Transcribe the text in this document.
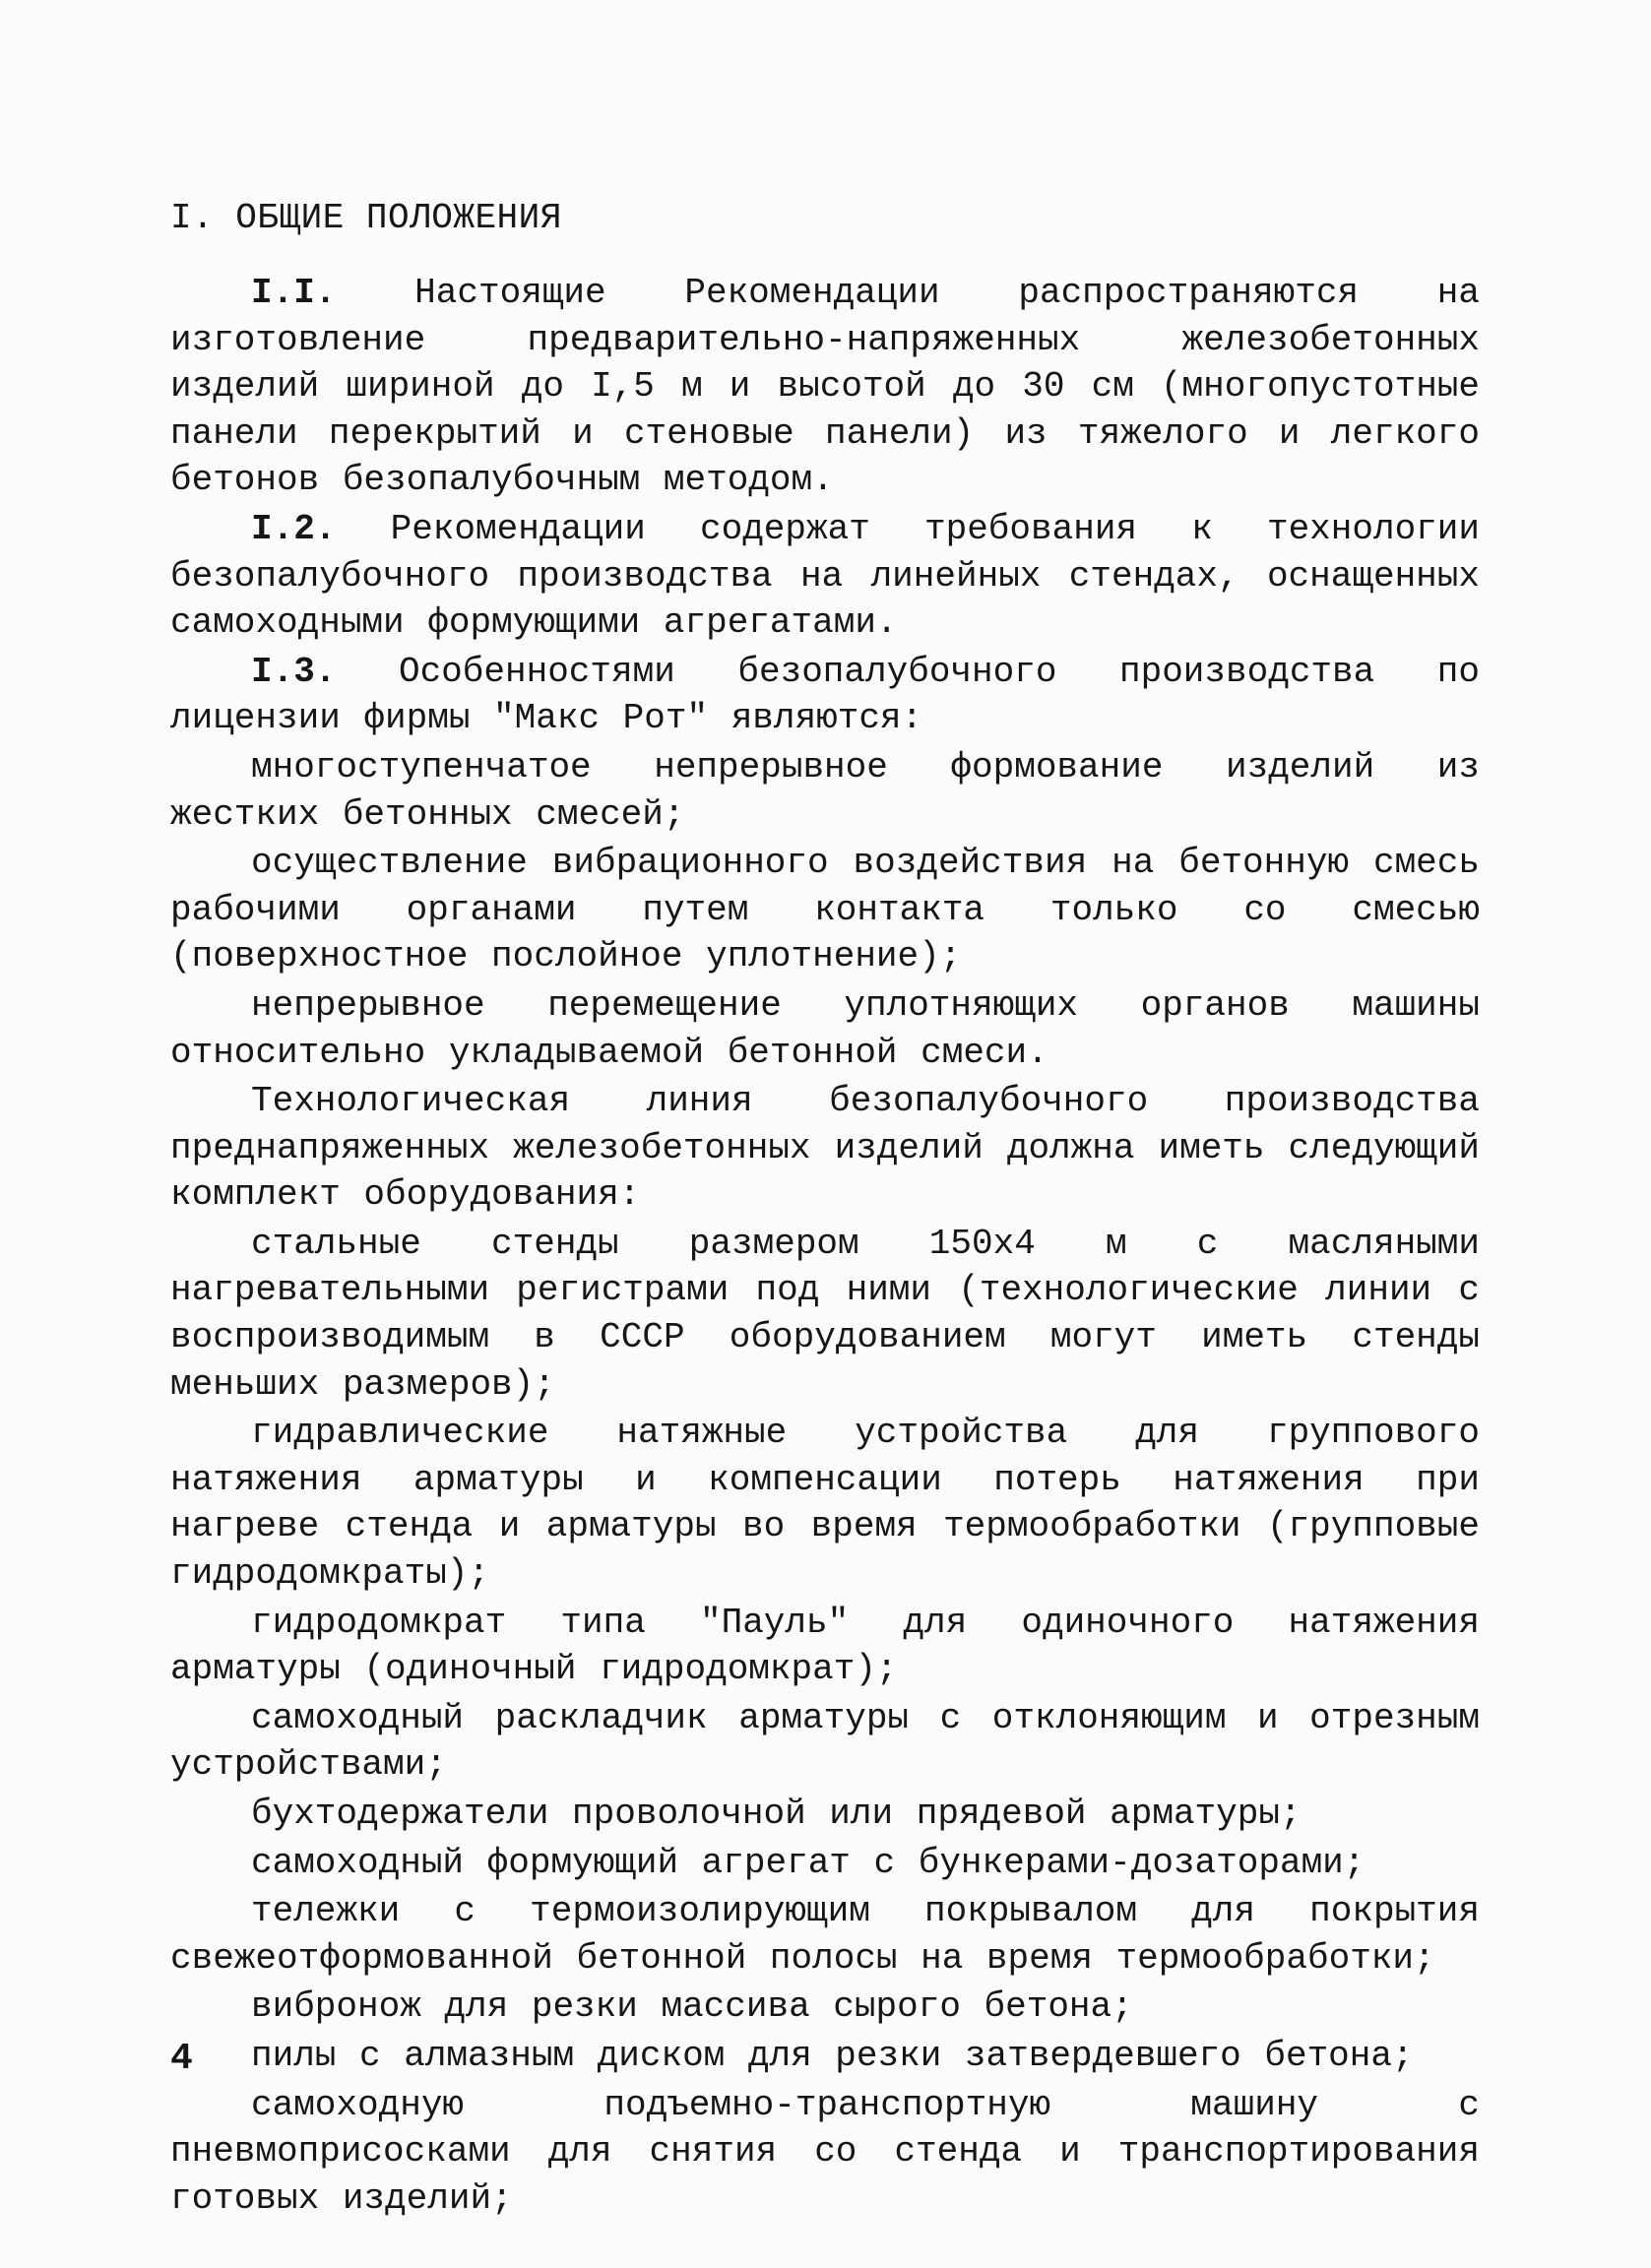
I. ОБЩИЕ ПОЛОЖЕНИЯ

I.I. Настоящие Рекомендации распространяются на изготовление предварительно-напряженных железобетонных изделий шириной до I,5 м и высотой до 30 см (многопустотные панели перекрытий и стеновые панели) из тяжелого и легкого бетонов безопалубочным методом.

I.2. Рекомендации содержат требования к технологии безопалубочного производства на линейных стендах, оснащенных самоходными формующими агрегатами.

I.3. Особенностями безопалубочного производства по лицензии фирмы "Макс Рот" являются:

многоступенчатое непрерывное формование изделий из жестких бетонных смесей;

осуществление вибрационного воздействия на бетонную смесь рабочими органами путем контакта только со смесью (поверхностное послойное уплотнение);

непрерывное перемещение уплотняющих органов машины относительно укладываемой бетонной смеси.

Технологическая линия безопалубочного производства преднапряженных железобетонных изделий должна иметь следующий комплект оборудования:

стальные стенды размером 150х4 м с масляными нагревательными регистрами под ними (технологические линии с воспроизводимым в СССР оборудованием могут иметь стенды меньших размеров);

гидравлические натяжные устройства для группового натяжения арматуры и компенсации потерь натяжения при нагреве стенда и арматуры во время термообработки (групповые гидродомкраты);

гидродомкрат типа "Пауль" для одиночного натяжения арматуры (одиночный гидродомкрат);

самоходный раскладчик арматуры с отклоняющим и отрезным устройствами;

бухтодержатели проволочной или прядевой арматуры;

самоходный формующий агрегат с бункерами-дозаторами;

тележки с термоизолирующим покрывалом для покрытия свежеотформованной бетонной полосы на время термообработки;

вибронож для резки массива сырого бетона;

пилы с алмазным диском для резки затвердевшего бетона;

самоходную подъемно-транспортную машину с пневмоприсосками для снятия со стенда и транспортирования готовых изделий;

4
